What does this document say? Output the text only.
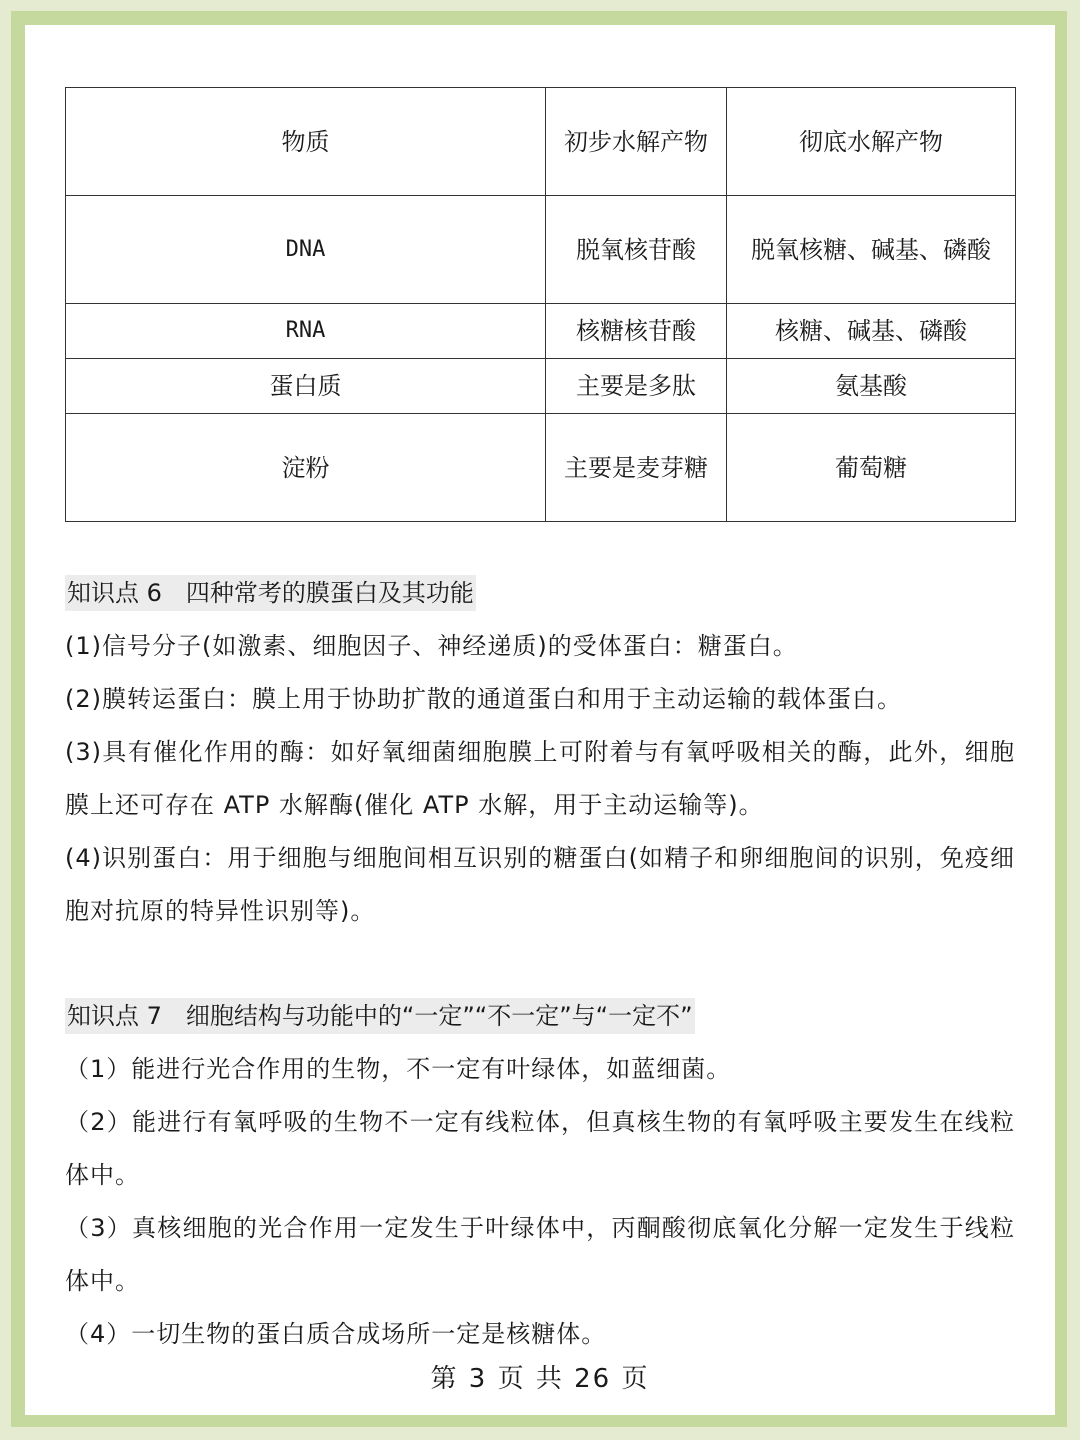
物质	初步水解产物	彻底水解产物
DNA	脱氧核苷酸	脱氧核糖、碱基、磷酸
RNA	核糖核苷酸	核糖、碱基、磷酸
蛋白质	主要是多肽	氨基酸
淀粉	主要是麦芽糖	葡萄糖
知识点 6　四种常考的膜蛋白及其功能

(1)信号分子(如激素、细胞因子、神经递质)的受体蛋白：糖蛋白。

(2)膜转运蛋白：膜上用于协助扩散的通道蛋白和用于主动运输的载体蛋白。

(3)具有催化作用的酶：如好氧细菌细胞膜上可附着与有氧呼吸相关的酶，此外，细胞膜上还可存在 ATP 水解酶(催化 ATP 水解，用于主动运输等)。

(4)识别蛋白：用于细胞与细胞间相互识别的糖蛋白(如精子和卵细胞间的识别，免疫细胞对抗原的特异性识别等)。

知识点 7　细胞结构与功能中的“一定”“不一定”与“一定不”

（1）能进行光合作用的生物，不一定有叶绿体，如蓝细菌。

（2）能进行有氧呼吸的生物不一定有线粒体，但真核生物的有氧呼吸主要发生在线粒体中。

（3）真核细胞的光合作用一定发生于叶绿体中，丙酮酸彻底氧化分解一定发生于线粒体中。

（4）一切生物的蛋白质合成场所一定是核糖体。

第 3 页 共 26 页
